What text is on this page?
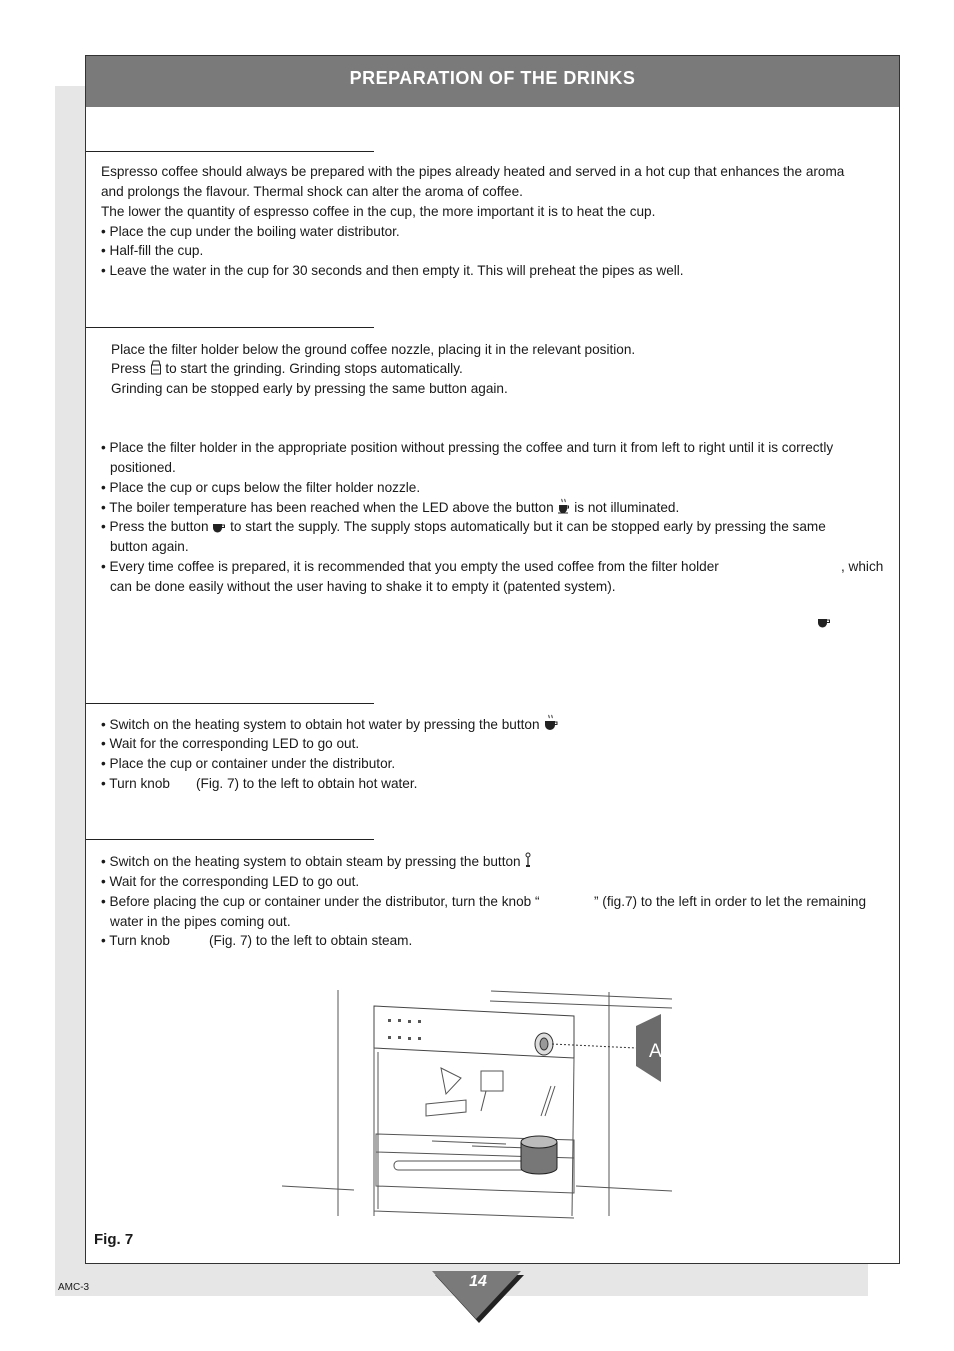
PREPARATION OF THE DRINKS
Espresso coffee should always be prepared with the pipes already heated and served in a hot cup that enhances the aroma
and prolongs the flavour. Thermal shock can alter the aroma of coffee.
The lower the quantity of espresso coffee in the cup, the more important it is to heat the cup.
• Place the cup under the boiling water distributor.
• Half-fill the cup.
• Leave the water in the cup for 30 seconds and then empty it. This will preheat the pipes as well.
Place the filter holder below the ground coffee nozzle, placing it in the relevant position.
Press to start the grinding. Grinding stops automatically.
Grinding can be stopped early by pressing the same button again.
• Place the filter holder in the appropriate position without pressing the coffee and turn it from left to right until it is correctly
positioned.
• Place the cup or cups below the filter holder nozzle.
• The boiler temperature has been reached when the LED above the button is not illuminated.
• Press the button to start the supply. The supply stops automatically but it can be stopped early by pressing the same
button again.
• Every time coffee is prepared, it is recommended that you empty the used coffee from the filter holder	, which
can be done easily without the user having to shake it to empty it (patented system).
• Switch on the heating system to obtain hot water by pressing the button
• Wait for the corresponding LED to go out.
• Place the cup or container under the distributor.
• Turn knob (Fig. 7) to the left to obtain hot water.
• Switch on the heating system to obtain steam by pressing the button
• Wait for the corresponding LED to go out.
• Before placing the cup or container under the distributor, turn the knob “	” (fig.7) to the left in order to let the remaining
water in the pipes coming out.
• Turn knob	(Fig. 7) to the left to obtain steam.
A
Fig. 7
AMC-3	14
